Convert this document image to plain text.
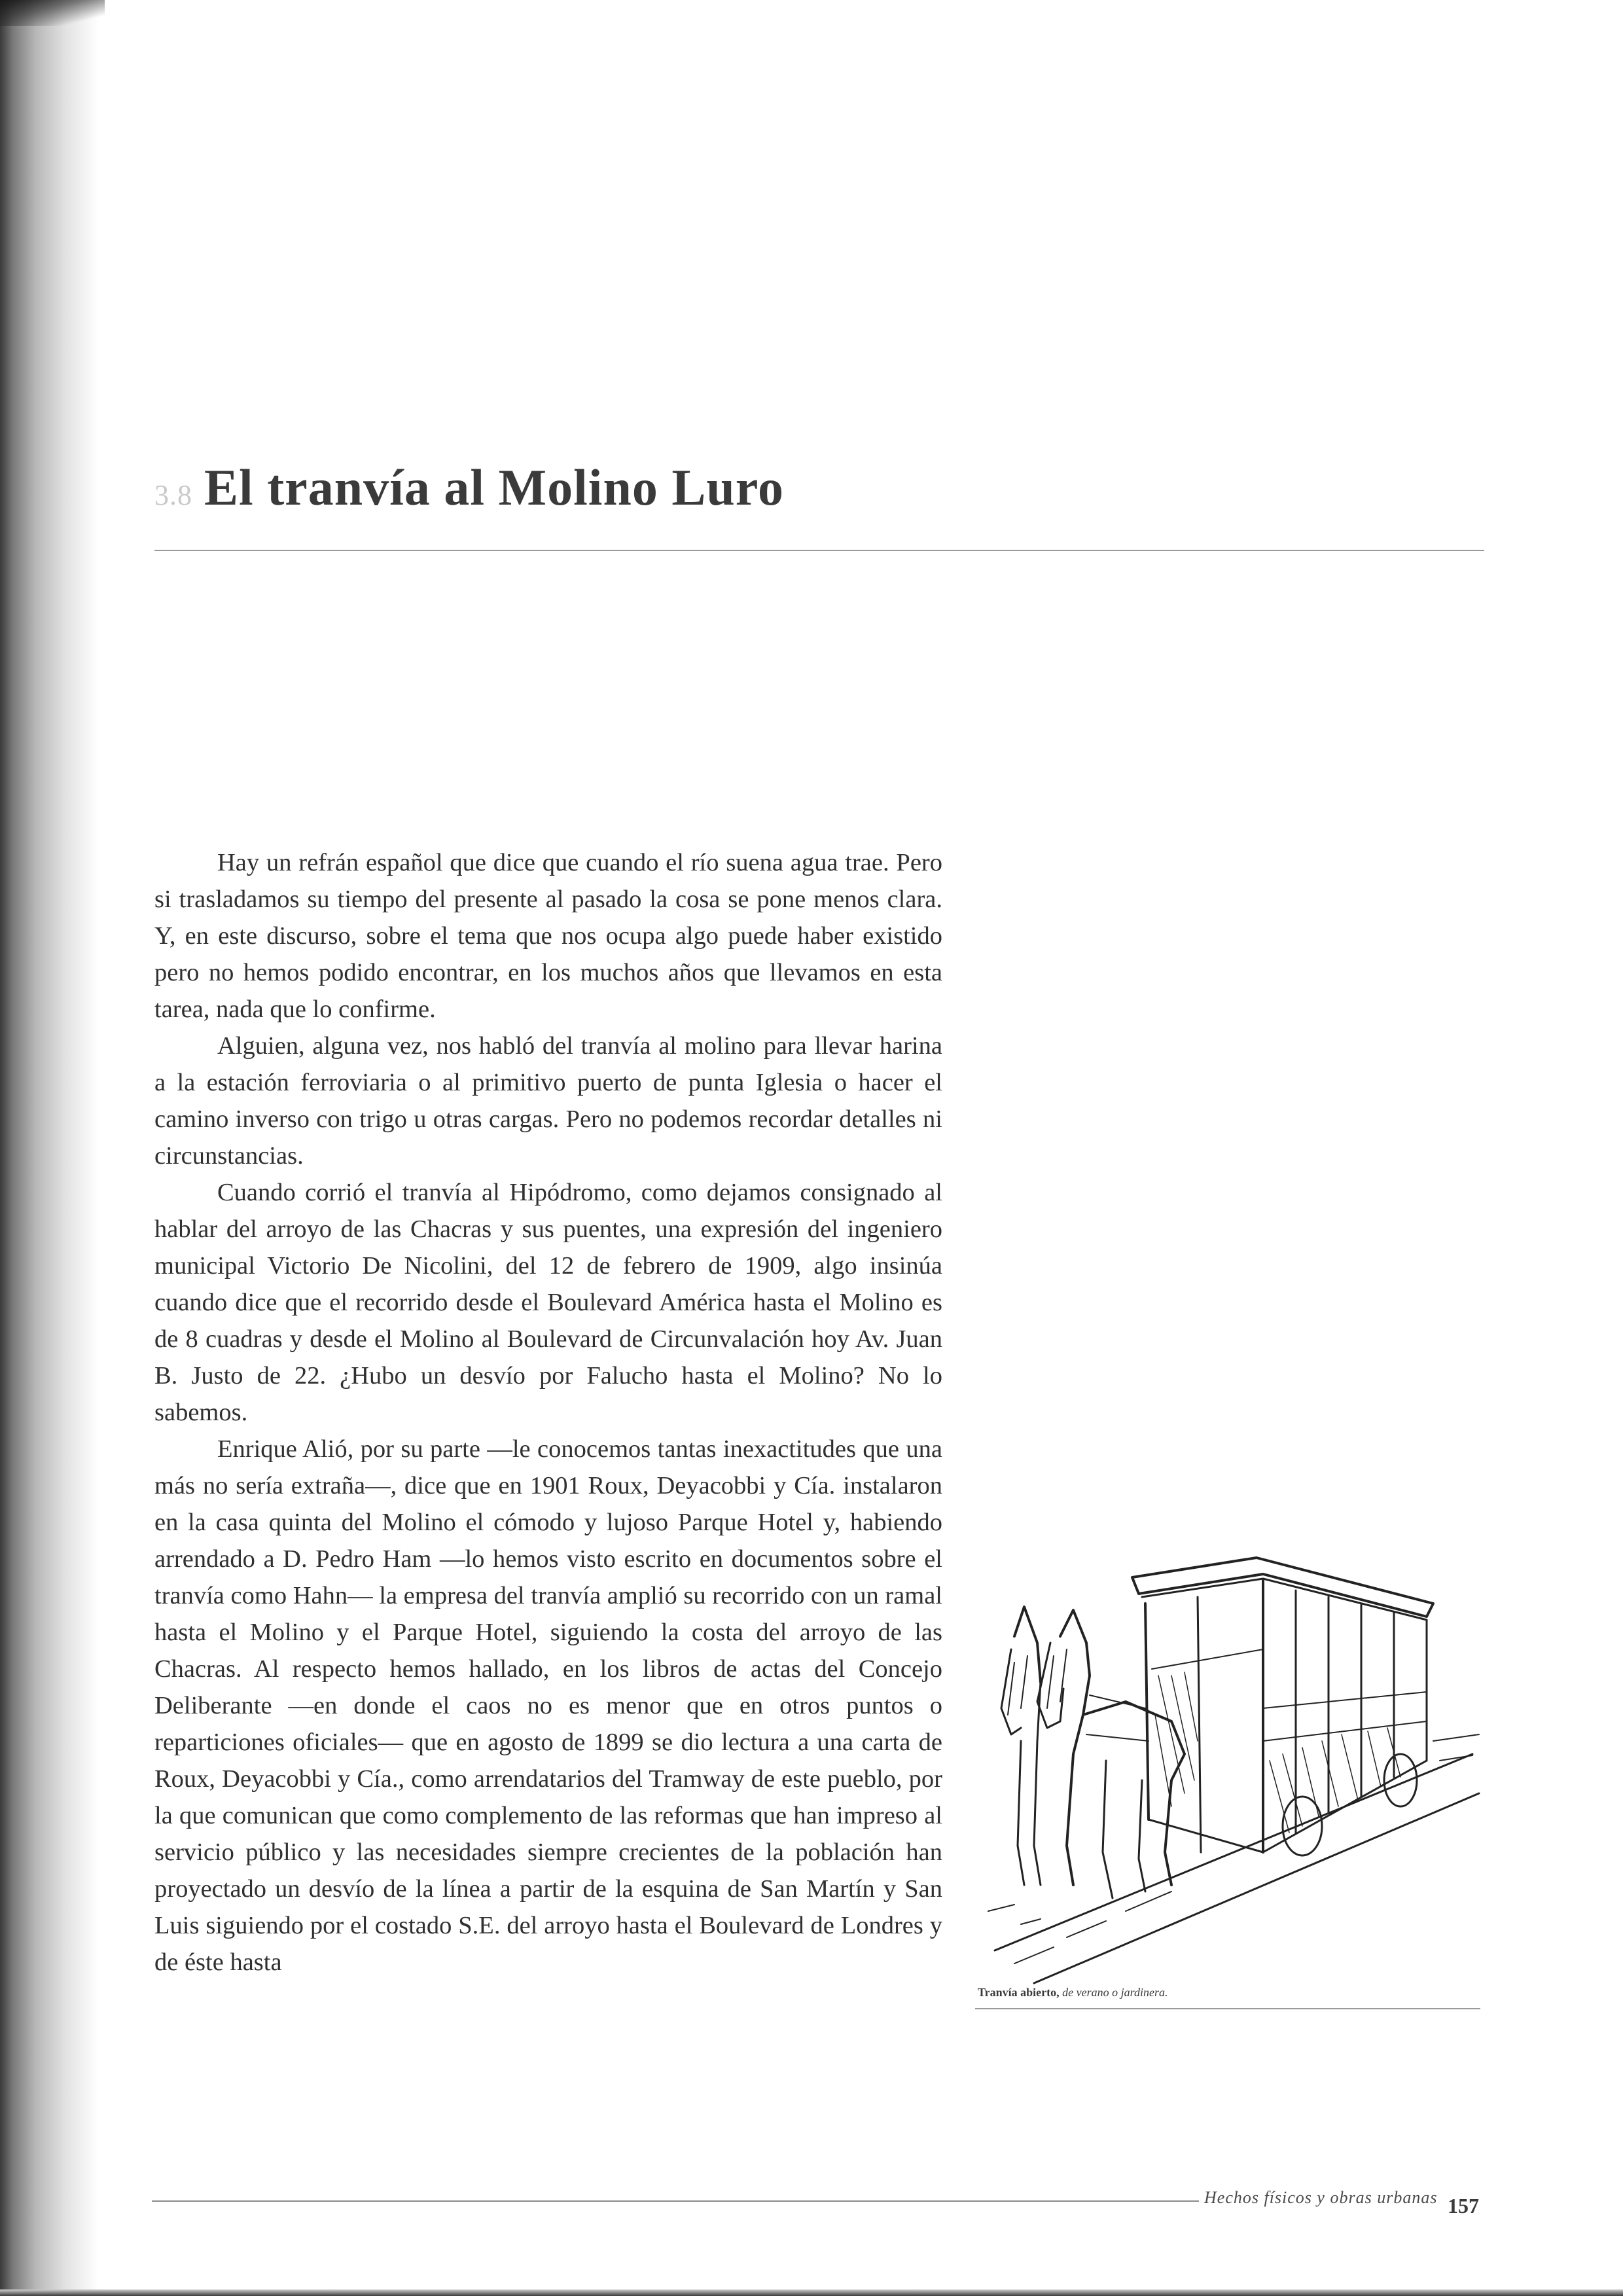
3.8 El tranvía al Molino Luro

Hay un refrán español que dice que cuando el río suena agua trae. Pero si trasladamos su tiempo del presente al pasado la cosa se pone menos clara. Y, en este discurso, sobre el tema que nos ocupa algo puede haber existido pero no hemos podido encontrar, en los muchos años que llevamos en esta tarea, nada que lo confirme.

Alguien, alguna vez, nos habló del tranvía al molino para llevar harina a la estación ferroviaria o al primitivo puerto de punta Iglesia o hacer el camino inverso con trigo u otras cargas. Pero no podemos recordar detalles ni circunstancias.

Cuando corrió el tranvía al Hipódromo, como dejamos consignado al hablar del arroyo de las Chacras y sus puentes, una expresión del ingeniero municipal Victorio De Nicolini, del 12 de febrero de 1909, algo insinúa cuando dice que el recorrido desde el Boulevard América hasta el Molino es de 8 cuadras y desde el Molino al Boulevard de Circunvalación hoy Av. Juan B. Justo de 22. ¿Hubo un desvío por Falucho hasta el Molino? No lo sabemos.

Enrique Alió, por su parte —le conocemos tantas inexactitudes que una más no sería extraña—, dice que en 1901 Roux, Deyacobbi y Cía. instalaron en la casa quinta del Molino el cómodo y lujoso Parque Hotel y, habiendo arrendado a D. Pedro Ham —lo hemos visto escrito en documentos sobre el tranvía como Hahn— la empresa del tranvía amplió su recorrido con un ramal hasta el Molino y el Parque Hotel, siguiendo la costa del arroyo de las Chacras. Al respecto hemos hallado, en los libros de actas del Concejo Deliberante —en donde el caos no es menor que en otros puntos o reparticiones oficiales— que en agosto de 1899 se dio lectura a una carta de Roux, Deyacobbi y Cía., como arrendatarios del Tramway de este pueblo, por la que comunican que como complemento de las reformas que han impreso al servicio público y las necesidades siempre crecientes de la población han proyectado un desvío de la línea a partir de la esquina de San Martín y San Luis siguiendo por el costado S.E. del arroyo hasta el Boulevard de Londres y de éste hasta

Tranvía abierto, de verano o jardinera.
Hechos físicos y obras urbanas 157
